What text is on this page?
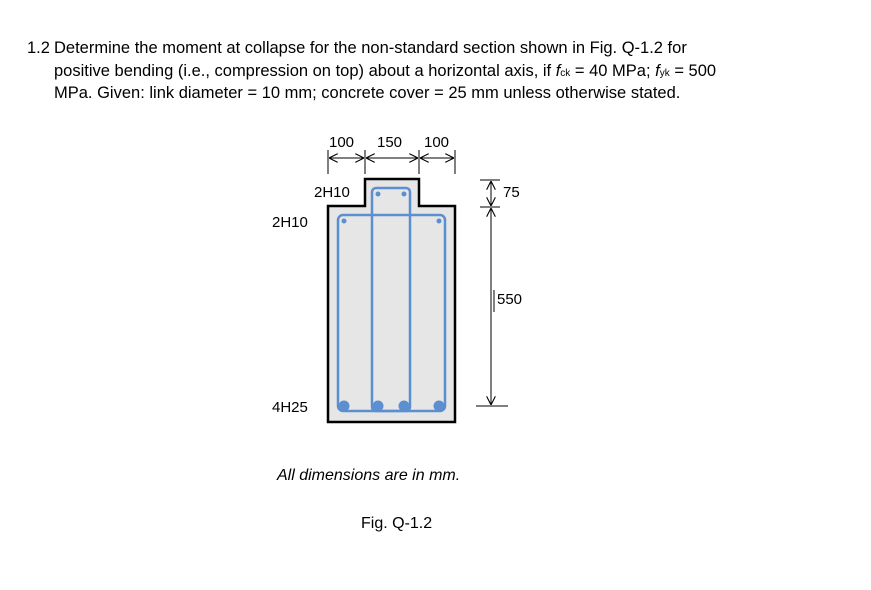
1.2 Determine the moment at collapse for the non-standard section shown in Fig. Q-1.2 for
positive bending (i.e., compression on top) about a horizontal axis, if fck = 40 MPa; fyk = 500
MPa. Given: link diameter = 10 mm; concrete cover = 25 mm unless otherwise stated.
100 150 100
75
550
2H10
2H10
4H25
All dimensions are in mm.
Fig. Q-1.2
